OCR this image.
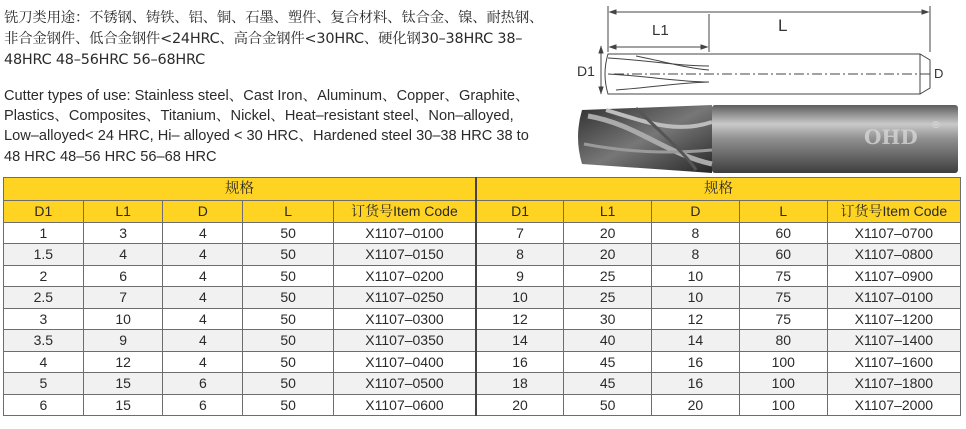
铣刀类用途：不锈钢、铸铁、铝、铜、石墨、塑件、复合材料、钛合金、镍、耐热钢、非合金钢件、低合金钢件<24HRC、高合金钢件<30HRC、硬化钢30–38HRC 38–48HRC 48–56HRC 56–68HRC
Cutter types of use: Stainless steel、Cast Iron、Aluminum、Copper、Graphite、Plastics、Composites、Titanium、Nickel、Heat–resistant steel、Non–alloyed, Low–alloyed< 24 HRC, Hi– alloyed < 30 HRC、Hardened steel 30–38 HRC 38 to 48 HRC 48–56 HRC 56–68 HRC
L1	L
D1	D
OHD ®
规格					规格				
D1	L1	D	L	订货号Item Code	D1	L1	D	L	订货号Item Code
1	3	4	50	X1107–0100	7	20	8	60	X1107–0700
1.5	4	4	50	X1107–0150	8	20	8	60	X1107–0800
2	6	4	50	X1107–0200	9	25	10	75	X1107–0900
2.5	7	4	50	X1107–0250	10	25	10	75	X1107–0100
3	10	4	50	X1107–0300	12	30	12	75	X1107–1200
3.5	9	4	50	X1107–0350	14	40	14	80	X1107–1400
4	12	4	50	X1107–0400	16	45	16	100	X1107–1600
5	15	6	50	X1107–0500	18	45	16	100	X1107–1800
6	15	6	50	X1107–0600	20	50	20	100	X1107–2000
